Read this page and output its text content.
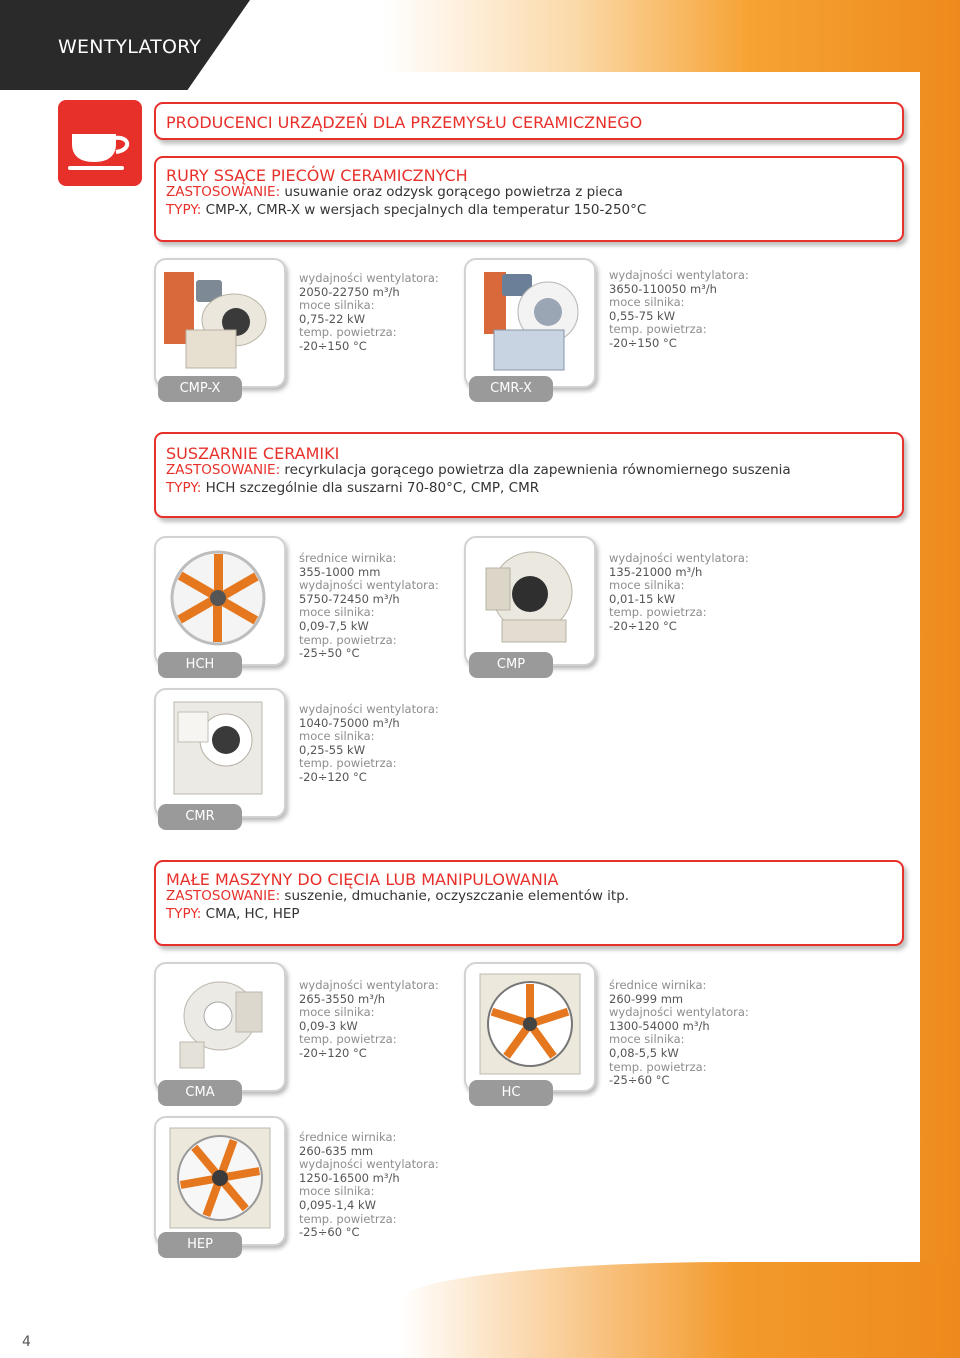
WENTYLATORY
PRODUCENCI URZĄDZEŃ DLA PRZEMYSŁU CERAMICZNEGO
RURY SSĄCE PIECÓW CERAMICZNYCH
ZASTOSOWANIE: usuwanie oraz odzysk gorącego powietrza z pieca
TYPY: CMP-X, CMR-X w wersjach specjalnych dla temperatur 150-250°C
CMP-X
wydajności wentylatora:
2050-22750 m³/h
moce silnika:
0,75-22 kW
temp. powietrza:
-20÷150 °C
CMR-X
wydajności wentylatora:
3650-110050 m³/h
moce silnika:
0,55-75 kW
temp. powietrza:
-20÷150 °C
SUSZARNIE CERAMIKI
ZASTOSOWANIE: recyrkulacja gorącego powietrza dla zapewnienia równomiernego suszenia
TYPY: HCH szczególnie dla suszarni 70-80°C, CMP, CMR
HCH
średnice wirnika:
355-1000 mm
wydajności wentylatora:
5750-72450 m³/h
moce silnika:
0,09-7,5 kW
temp. powietrza:
-25÷50 °C
CMP
wydajności wentylatora:
135-21000 m³/h
moce silnika:
0,01-15 kW
temp. powietrza:
-20÷120 °C
CMR
wydajności wentylatora:
1040-75000 m³/h
moce silnika:
0,25-55 kW
temp. powietrza:
-20÷120 °C
MAŁE MASZYNY DO CIĘCIA LUB MANIPULOWANIA
ZASTOSOWANIE: suszenie, dmuchanie, oczyszczanie elementów itp.
TYPY: CMA, HC, HEP
CMA
wydajności wentylatora:
265-3550 m³/h
moce silnika:
0,09-3 kW
temp. powietrza:
-20÷120 °C
HC
średnice wirnika:
260-999 mm
wydajności wentylatora:
1300-54000 m³/h
moce silnika:
0,08-5,5 kW
temp. powietrza:
-25÷60 °C
HEP
średnice wirnika:
260-635 mm
wydajności wentylatora:
1250-16500 m³/h
moce silnika:
0,095-1,4 kW
temp. powietrza:
-25÷60 °C
4
